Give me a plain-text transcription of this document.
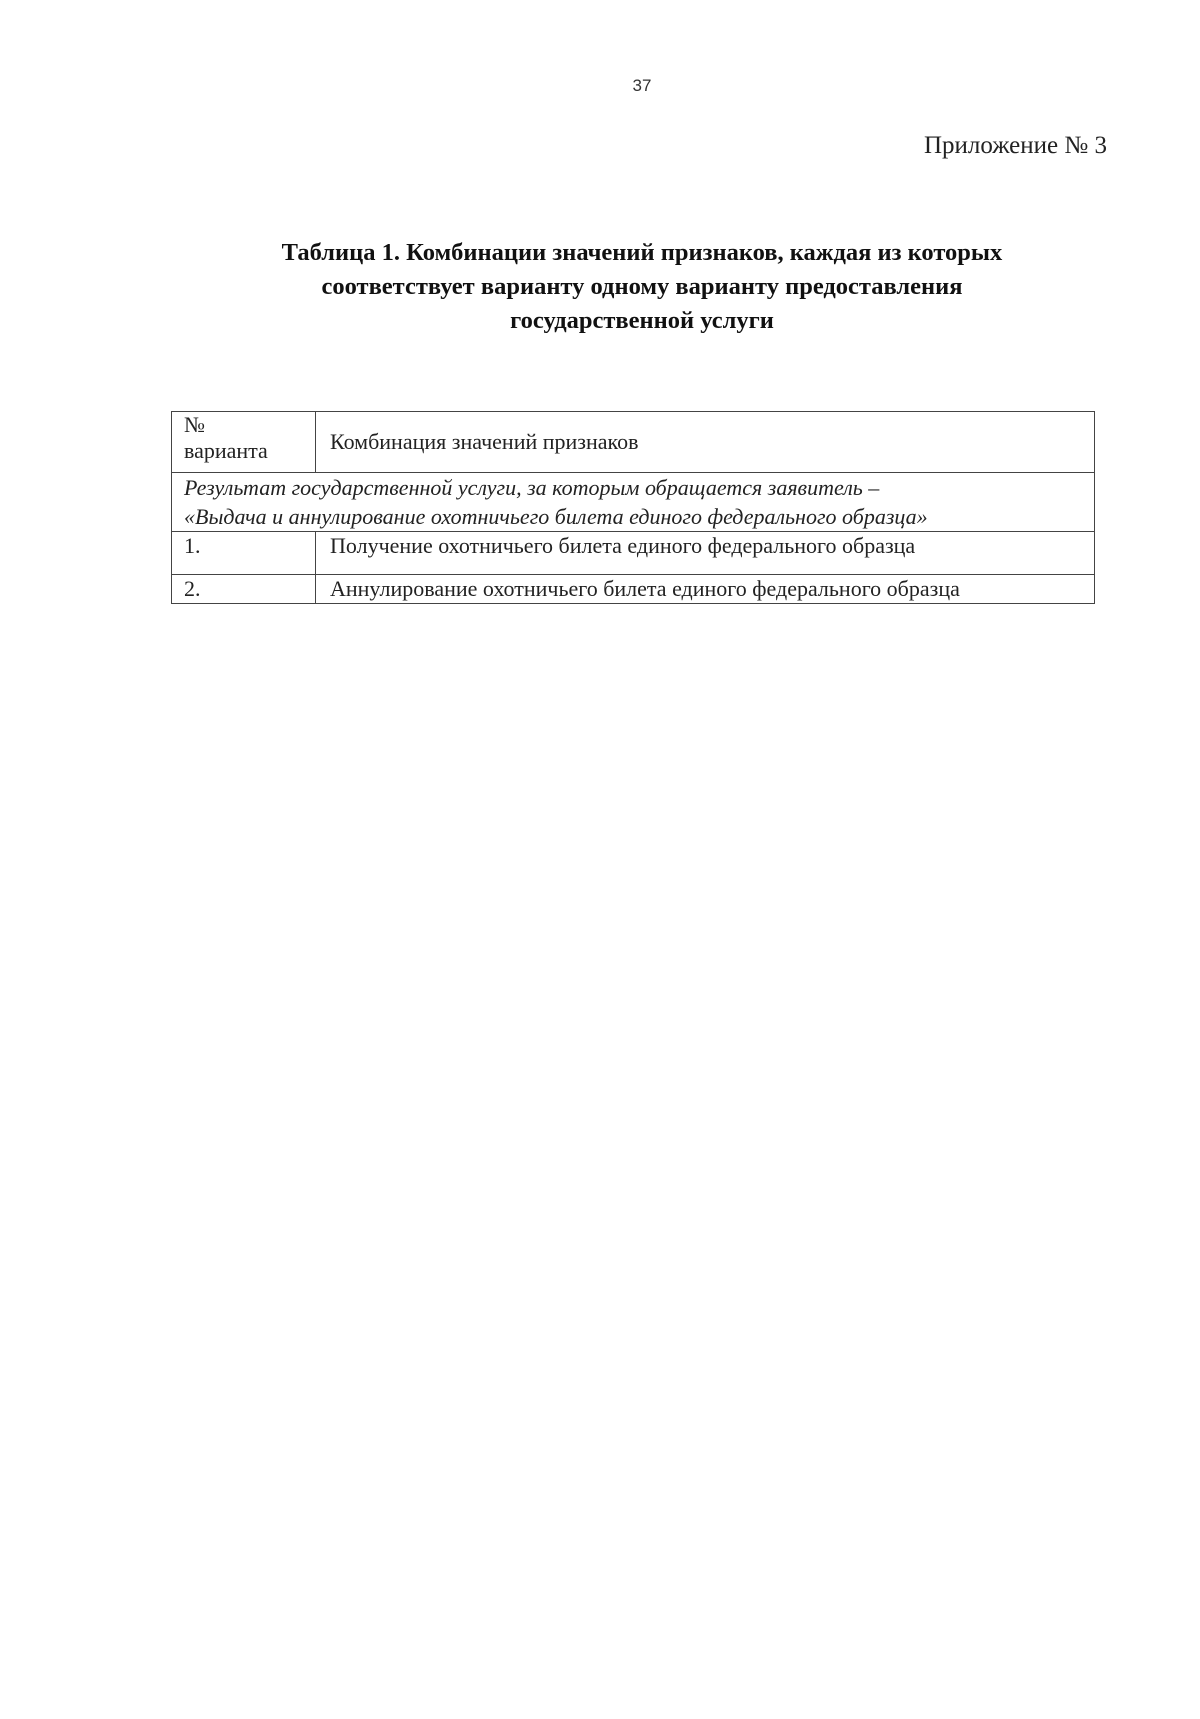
37
Приложение № 3
Таблица 1. Комбинации значений признаков, каждая из которых
соответствует варианту одному варианту предоставления
государственной услуги
№
варианта	Комбинация значений признаков

Результат государственной услуги, за которым обращается заявитель –
«Выдача и аннулирование охотничьего билета единого федерального образца»	

1.	Получение охотничьего билета единого федерального образца
2.	Аннулирование охотничьего билета единого федерального образца
